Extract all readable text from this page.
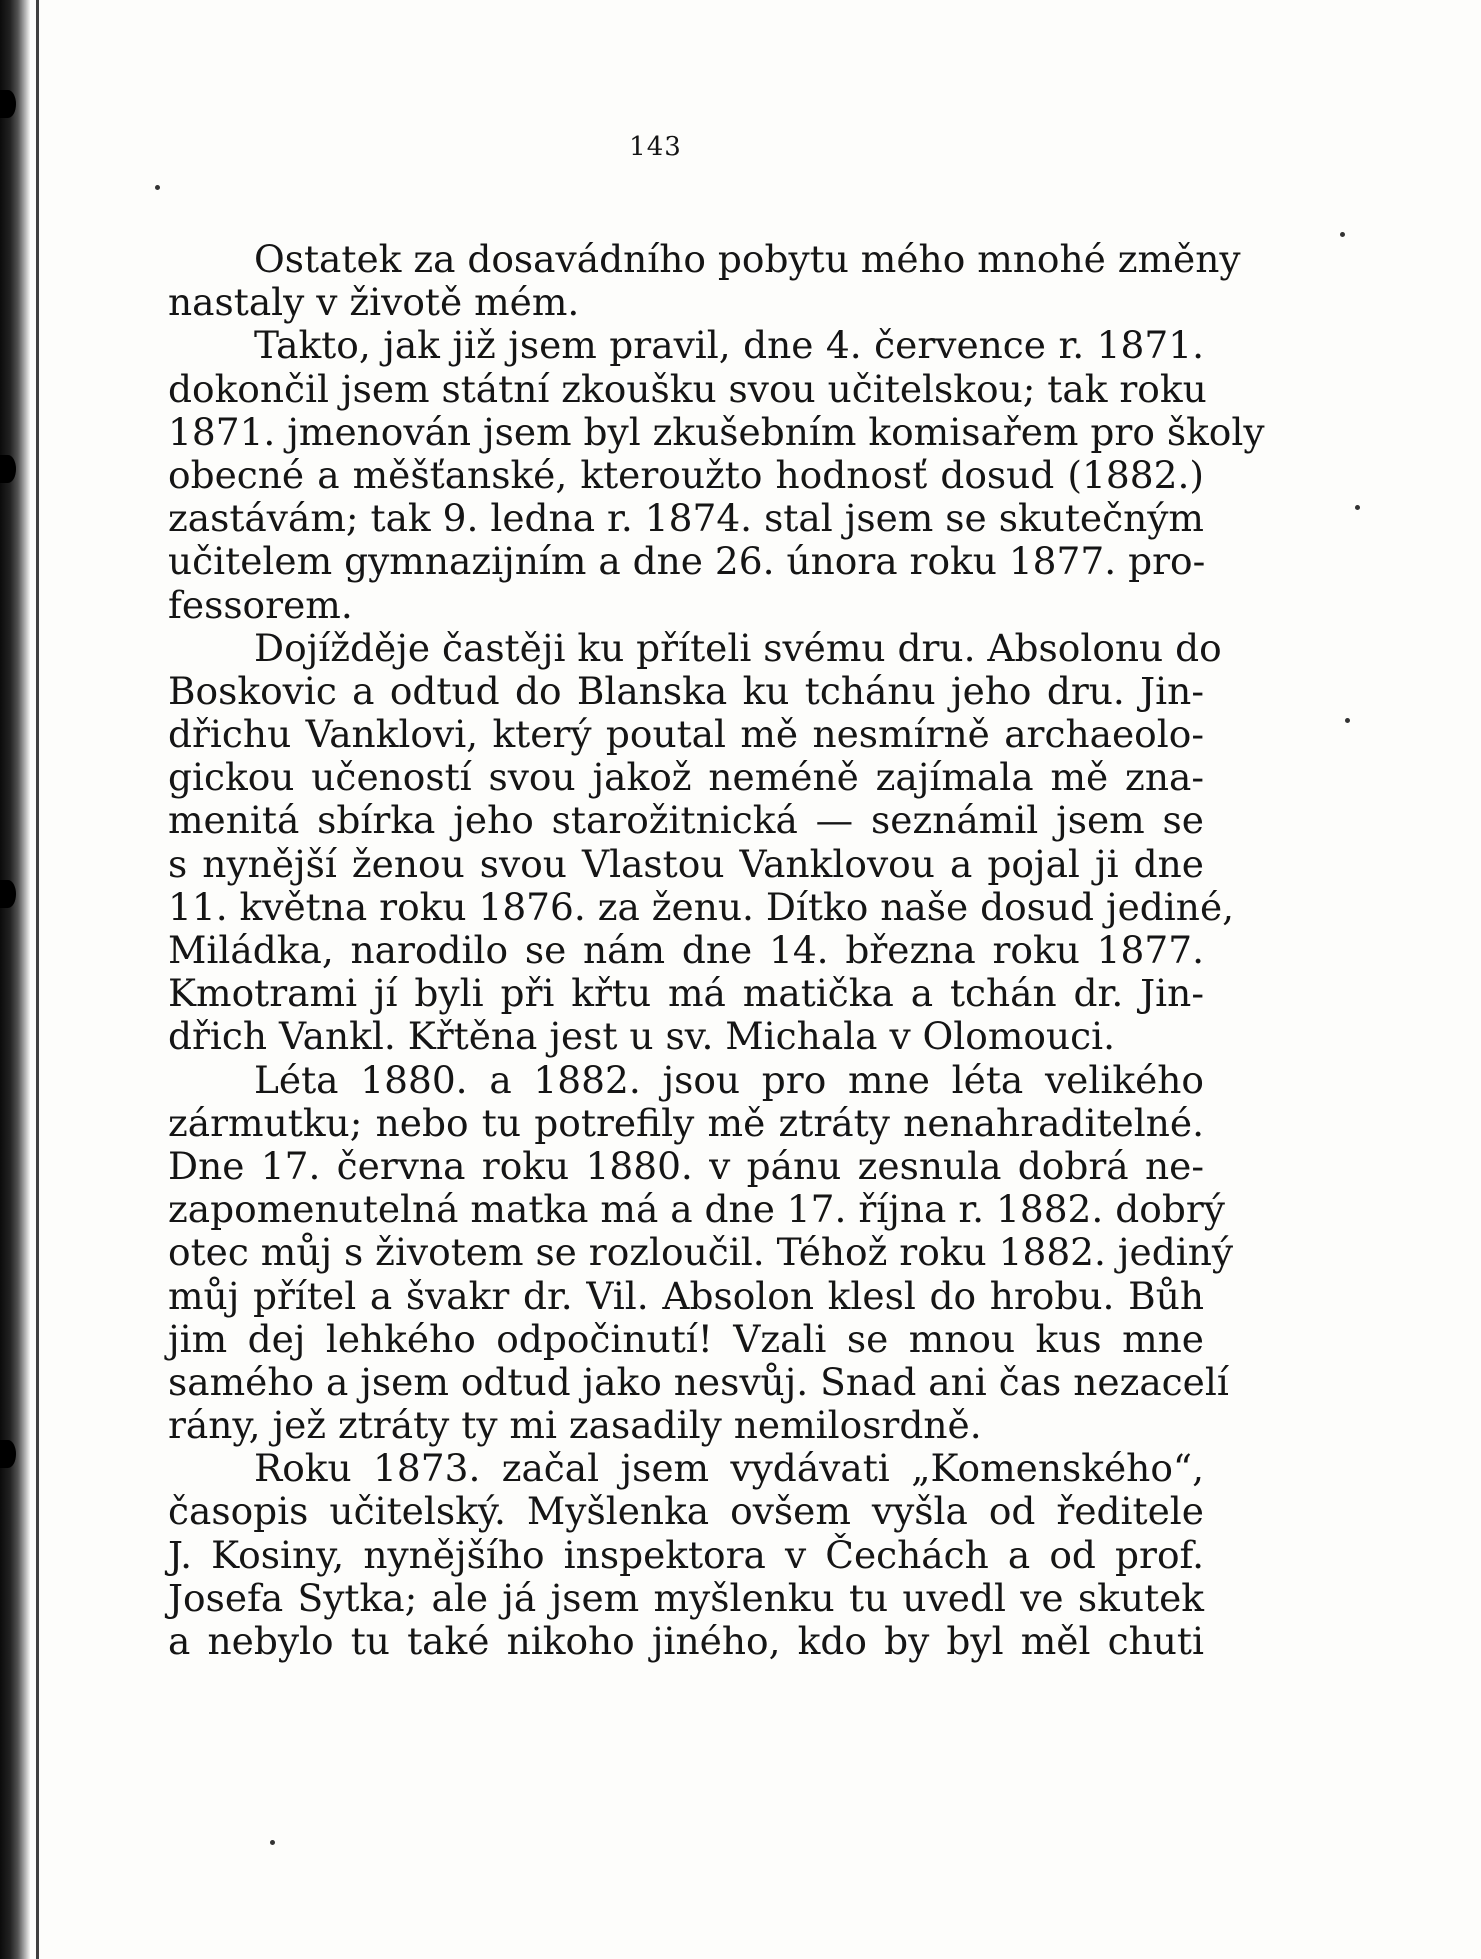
143
Ostatek za dosavádního pobytu mého mnohé změny
nastaly v životě mém.
Takto, jak již jsem pravil, dne 4. července r. 1871.
dokončil jsem státní zkoušku svou učitelskou; tak roku
1871. jmenován jsem byl zkušebním komisařem pro školy
obecné a měšťanské, kteroužto hodnosť dosud (1882.)
zastávám; tak 9. ledna r. 1874. stal jsem se skutečným
učitelem gymnazijním a dne 26. února roku 1877. pro-
fessorem.
Dojížděje častěji ku příteli svému dru. Absolonu do
Boskovic a odtud do Blanska ku tchánu jeho dru. Jin-
dřichu Vanklovi, který poutal mě nesmírně archaeolo-
gickou učeností svou jakož neméně zajímala mě zna-
menitá sbírka jeho starožitnická — seznámil jsem se
s nynější ženou svou Vlastou Vanklovou a pojal ji dne
11. května roku 1876. za ženu. Dítko naše dosud jediné,
Miládka, narodilo se nám dne 14. března roku 1877.
Kmotrami jí byli při křtu má matička a tchán dr. Jin-
dřich Vankl. Křtěna jest u sv. Michala v Olomouci.
Léta 1880. a 1882. jsou pro mne léta velikého
zármutku; nebo tu potrefily mě ztráty nenahraditelné.
Dne 17. června roku 1880. v pánu zesnula dobrá ne-
zapomenutelná matka má a dne 17. října r. 1882. dobrý
otec můj s životem se rozloučil. Téhož roku 1882. jediný
můj přítel a švakr dr. Vil. Absolon klesl do hrobu. Bůh
jim dej lehkého odpočinutí! Vzali se mnou kus mne
samého a jsem odtud jako nesvůj. Snad ani čas nezacelí
rány, jež ztráty ty mi zasadily nemilosrdně.
Roku 1873. začal jsem vydávati „Komenského“,
časopis učitelský. Myšlenka ovšem vyšla od ředitele
J. Kosiny, nynějšího inspektora v Čechách a od prof.
Josefa Sytka; ale já jsem myšlenku tu uvedl ve skutek
a nebylo tu také nikoho jiného, kdo by byl měl chuti
